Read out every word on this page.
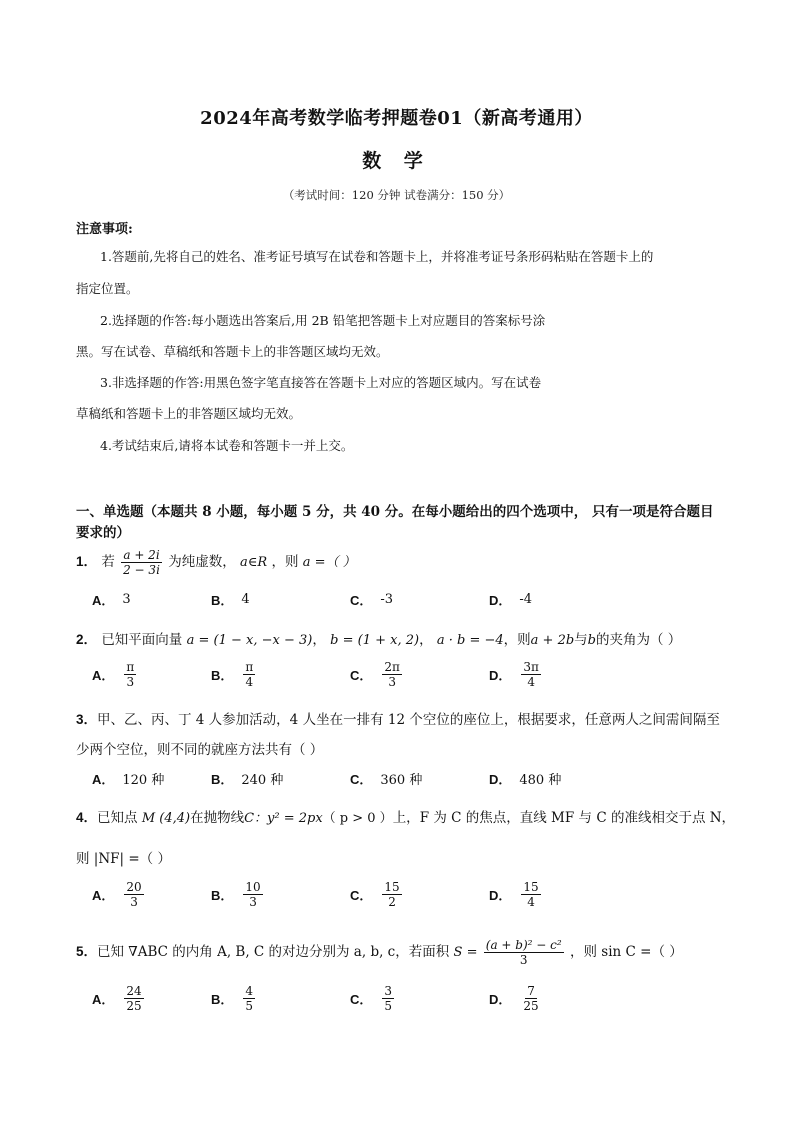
2024年高考数学临考押题卷01（新高考通用）
数 学
（考试时间：120 分钟 试卷满分：150 分）
注意事项:
1.答题前,先将自己的姓名、准考证号填写在试卷和答题卡上，并将准考证号条形码粘贴在答题卡上的
指定位置。
2.选择题的作答:每小题选出答案后,用 2B 铅笔把答题卡上对应题目的答案标号涂
黑。写在试卷、草稿纸和答题卡上的非答题区域均无效。
3.非选择题的作答:用黑色签字笔直接答在答题卡上对应的答题区域内。写在试卷
草稿纸和答题卡上的非答题区域均无效。
4.考试结束后,请将本试卷和答题卡一并上交。
一、单选题（本题共 8 小题，每小题 5 分，共 40 分。在每小题给出的四个选项中， 只有一项是符合题目要求的）
1． 若 $\frac{a + 2i}{2 - 3i}$ 为纯虚数， a∈R ，则 a =（ ）
A． 3	B． 4	C． -3	D． -4
2． 已知平面向量 a = (1 − x, −x − 3)， b = (1 + x, 2)， a · b = −4，则a + 2b与b的夹角为（ ）
A． $\frac{\pi}{3}$	B． $\frac{\pi}{4}$	C． $\frac{2\pi}{3}$	D． $\frac{3\pi}{4}$
3．甲、乙、丙、丁 4 人参加活动，4 人坐在一排有 12 个空位的座位上，根据要求，任意两人之间需间隔至
少两个空位，则不同的就座方法共有（ ）
A． 120 种	B． 240 种	C． 360 种	D． 480 种
4．已知点 M (4,4)在抛物线C：y² = 2px（ p > 0 ）上，F 为 C 的焦点，直线 MF 与 C 的准线相交于点 N，
则 |NF| =（ ）
A． $\frac{20}{3}$	B． $\frac{10}{3}$	C． $\frac{15}{2}$	D． $\frac{15}{4}$
5．已知 ∇ABC 的内角 A, B, C 的对边分别为 a, b, c，若面积 $S = \frac{\text{(a + b)² − c²}}{3}$ ，则 sin C =（ ）
A． $\frac{24}{25}$	B． $\frac{4}{5}$	C． $\frac{3}{5}$	D． $\frac{7}{25}$
